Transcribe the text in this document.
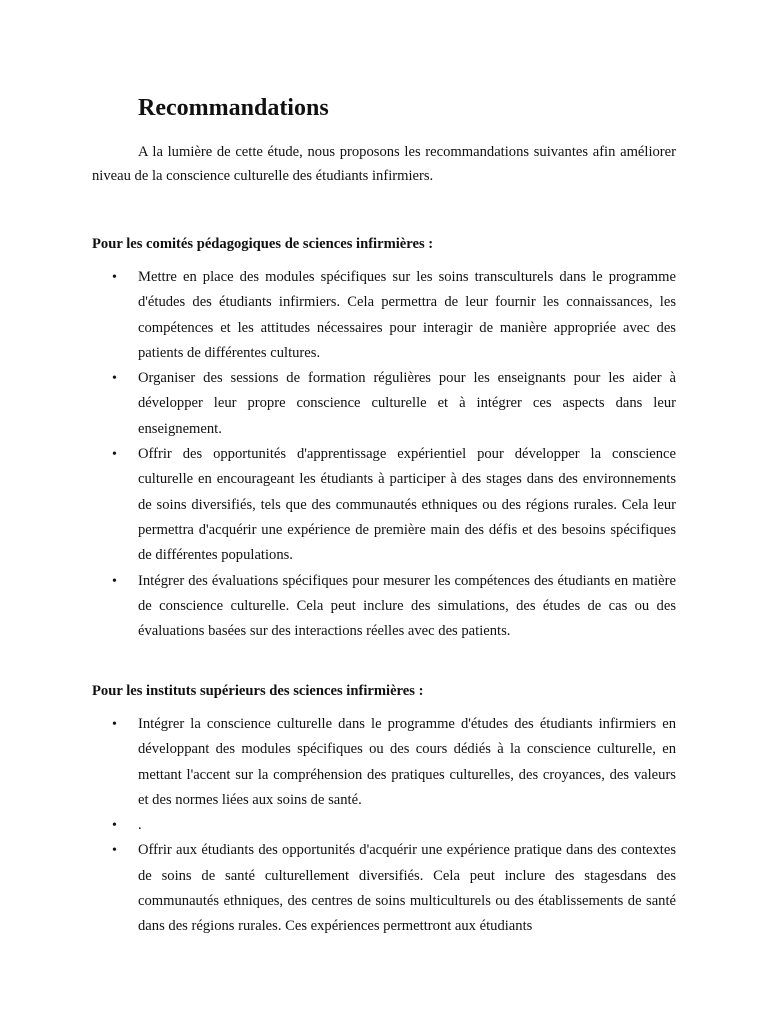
Recommandations

A la lumière de cette étude, nous proposons les recommandations suivantes afin améliorer niveau de la conscience culturelle des étudiants infirmiers.

Pour les comités pédagogiques de sciences infirmières :
• Mettre en place des modules spécifiques sur les soins transculturels dans le programme d'études des étudiants infirmiers. Cela permettra de leur fournir les connaissances, les compétences et les attitudes nécessaires pour interagir de manière appropriée avec des patients de différentes cultures.
• Organiser des sessions de formation régulières pour les enseignants pour les aider à développer leur propre conscience culturelle et à intégrer ces aspects dans leur enseignement.
• Offrir des opportunités d'apprentissage expérientiel pour développer la conscience culturelle en encourageant les étudiants à participer à des stages dans des environnements de soins diversifiés, tels que des communautés ethniques ou des régions rurales. Cela leur permettra d'acquérir une expérience de première main des défis et des besoins spécifiques de différentes populations.
• Intégrer des évaluations spécifiques pour mesurer les compétences des étudiants en matière de conscience culturelle. Cela peut inclure des simulations, des études de cas ou des évaluations basées sur des interactions réelles avec des patients.
Pour les instituts supérieurs des sciences infirmières :
• Intégrer la conscience culturelle dans le programme d'études des étudiants infirmiers en développant des modules spécifiques ou des cours dédiés à la conscience culturelle, en mettant l'accent sur la compréhension des pratiques culturelles, des croyances, des valeurs et des normes liées aux soins de santé.
• .
• Offrir aux étudiants des opportunités d'acquérir une expérience pratique dans des contextes de soins de santé culturellement diversifiés. Cela peut inclure des stagesdans des communautés ethniques, des centres de soins multiculturels ou des établissements de santé dans des régions rurales. Ces expériences permettront aux étudiants
